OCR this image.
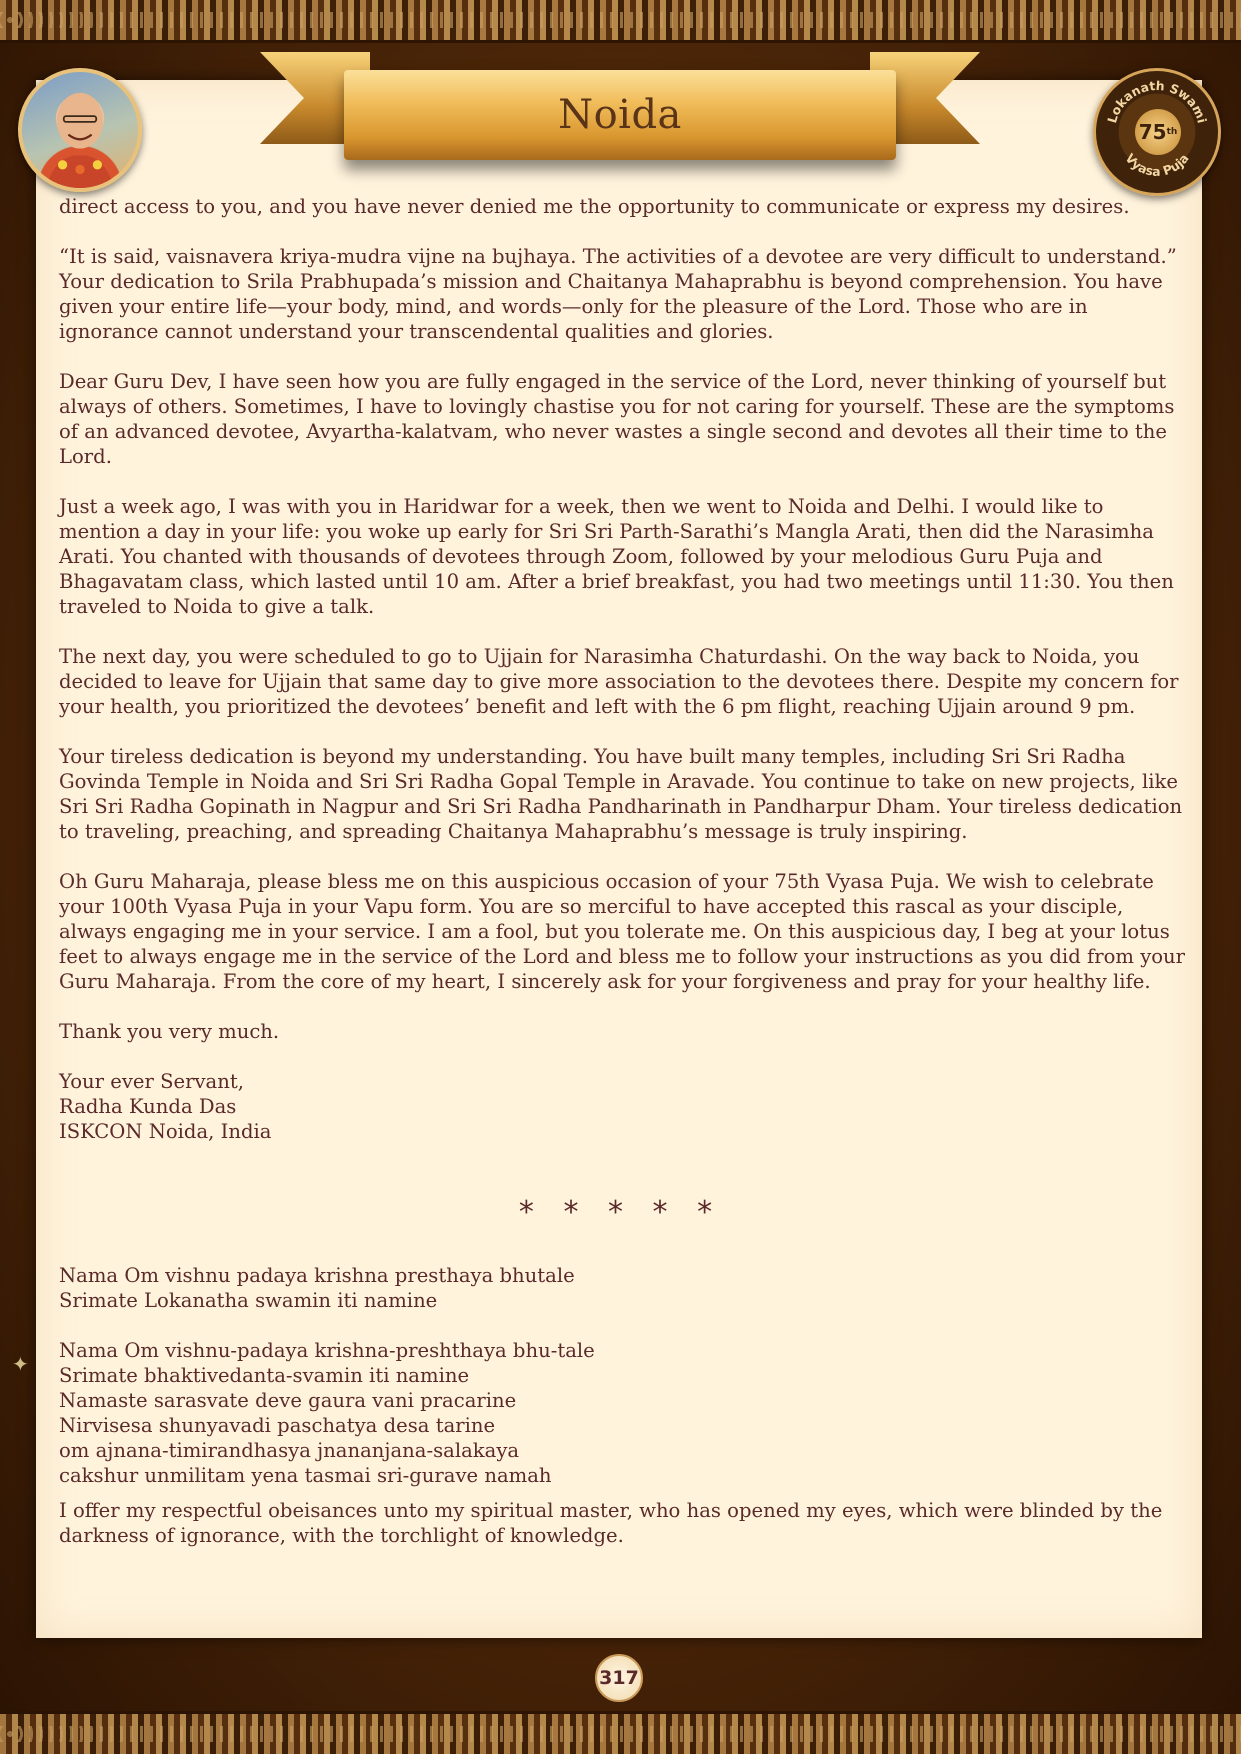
Noida	Lokanath Swami
Vyasa Puja
75 th

direct access to you, and you have never denied me the opportunity to communicate or express my desires.

“It is said, vaisnavera kriya-mudra vijne na bujhaya. The activities of a devotee are very difficult to understand.” Your dedication to Srila Prabhupada’s mission and Chaitanya Mahaprabhu is beyond comprehension. You have given your entire life—your body, mind, and words—only for the pleasure of the Lord. Those who are in ignorance cannot understand your transcendental qualities and glories.

Dear Guru Dev, I have seen how you are fully engaged in the service of the Lord, never thinking of yourself but always of others. Sometimes, I have to lovingly chastise you for not caring for yourself. These are the symptoms of an advanced devotee, Avyartha-kalatvam, who never wastes a single second and devotes all their time to the Lord.

Just a week ago, I was with you in Haridwar for a week, then we went to Noida and Delhi. I would like to mention a day in your life: you woke up early for Sri Sri Parth-Sarathi’s Mangla Arati, then did the Narasimha Arati. You chanted with thousands of devotees through Zoom, followed by your melodious Guru Puja and Bhagavatam class, which lasted until 10 am. After a brief breakfast, you had two meetings until 11:30. You then traveled to Noida to give a talk.

The next day, you were scheduled to go to Ujjain for Narasimha Chaturdashi. On the way back to Noida, you decided to leave for Ujjain that same day to give more association to the devotees there. Despite my concern for your health, you prioritized the devotees’ benefit and left with the 6 pm flight, reaching Ujjain around 9 pm.

Your tireless dedication is beyond my understanding. You have built many temples, including Sri Sri Radha Govinda Temple in Noida and Sri Sri Radha Gopal Temple in Aravade. You continue to take on new projects, like Sri Sri Radha Gopinath in Nagpur and Sri Sri Radha Pandharinath in Pandharpur Dham. Your tireless dedication to traveling, preaching, and spreading Chaitanya Mahaprabhu’s message is truly inspiring.

Oh Guru Maharaja, please bless me on this auspicious occasion of your 75th Vyasa Puja. We wish to celebrate your 100th Vyasa Puja in your Vapu form. You are so merciful to have accepted this rascal as your disciple, always engaging me in your service. I am a fool, but you tolerate me. On this auspicious day, I beg at your lotus feet to always engage me in the service of the Lord and bless me to follow your instructions as you did from your Guru Maharaja. From the core of my heart, I sincerely ask for your forgiveness and pray for your healthy life.

Thank you very much.

Your ever Servant,
Radha Kunda Das
ISKCON Noida, India
* * * * *
Nama Om vishnu padaya krishna presthaya bhutale
Srimate Lokanatha swamin iti namine
Nama Om vishnu-padaya krishna-preshthaya bhu-tale
Srimate bhaktivedanta-svamin iti namine
Namaste sarasvate deve gaura vani pracarine
Nirvisesa shunyavadi paschatya desa tarine
om ajnana-timirandhasya jnananjana-salakaya
cakshur unmilitam yena tasmai sri-gurave namah
I offer my respectful obeisances unto my spiritual master, who has opened my eyes, which were blinded by the darkness of ignorance, with the torchlight of knowledge.
✦
317
